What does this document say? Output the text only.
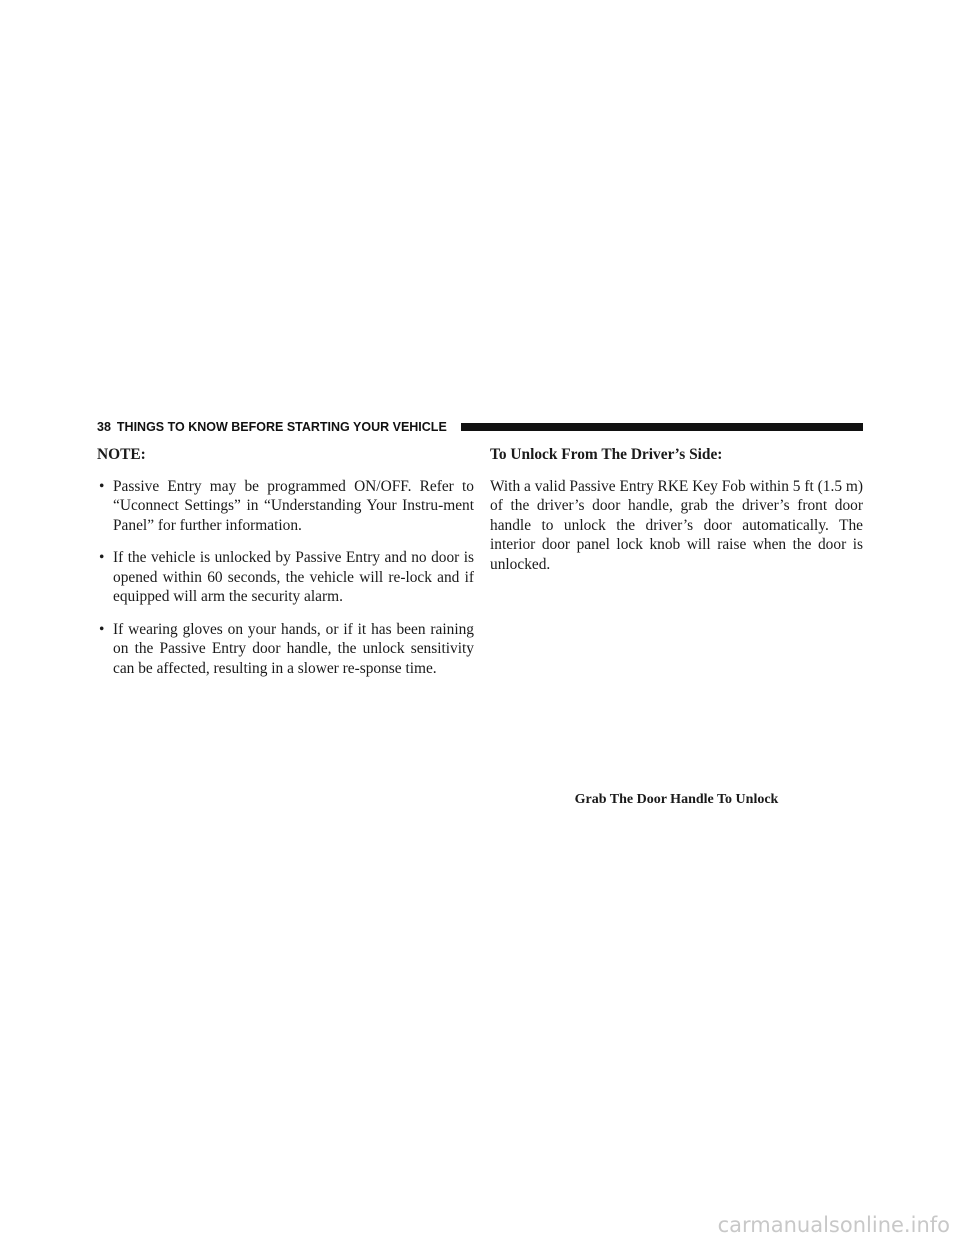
38 THINGS TO KNOW BEFORE STARTING YOUR VEHICLE
NOTE:
• Passive Entry may be programmed ON/OFF. Refer to “Uconnect Settings” in “Understanding Your Instru-ment Panel” for further information.
• If the vehicle is unlocked by Passive Entry and no door is opened within 60 seconds, the vehicle will re-lock and if equipped will arm the security alarm.
• If wearing gloves on your hands, or if it has been raining on the Passive Entry door handle, the unlock sensitivity can be affected, resulting in a slower re-sponse time.
To Unlock From The Driver’s Side:

With a valid Passive Entry RKE Key Fob within 5 ft (1.5 m) of the driver’s door handle, grab the driver’s front door handle to unlock the driver’s door automatically. The interior door panel lock knob will raise when the door is unlocked.

Grab The Door Handle To Unlock
carmanualsonline.info
